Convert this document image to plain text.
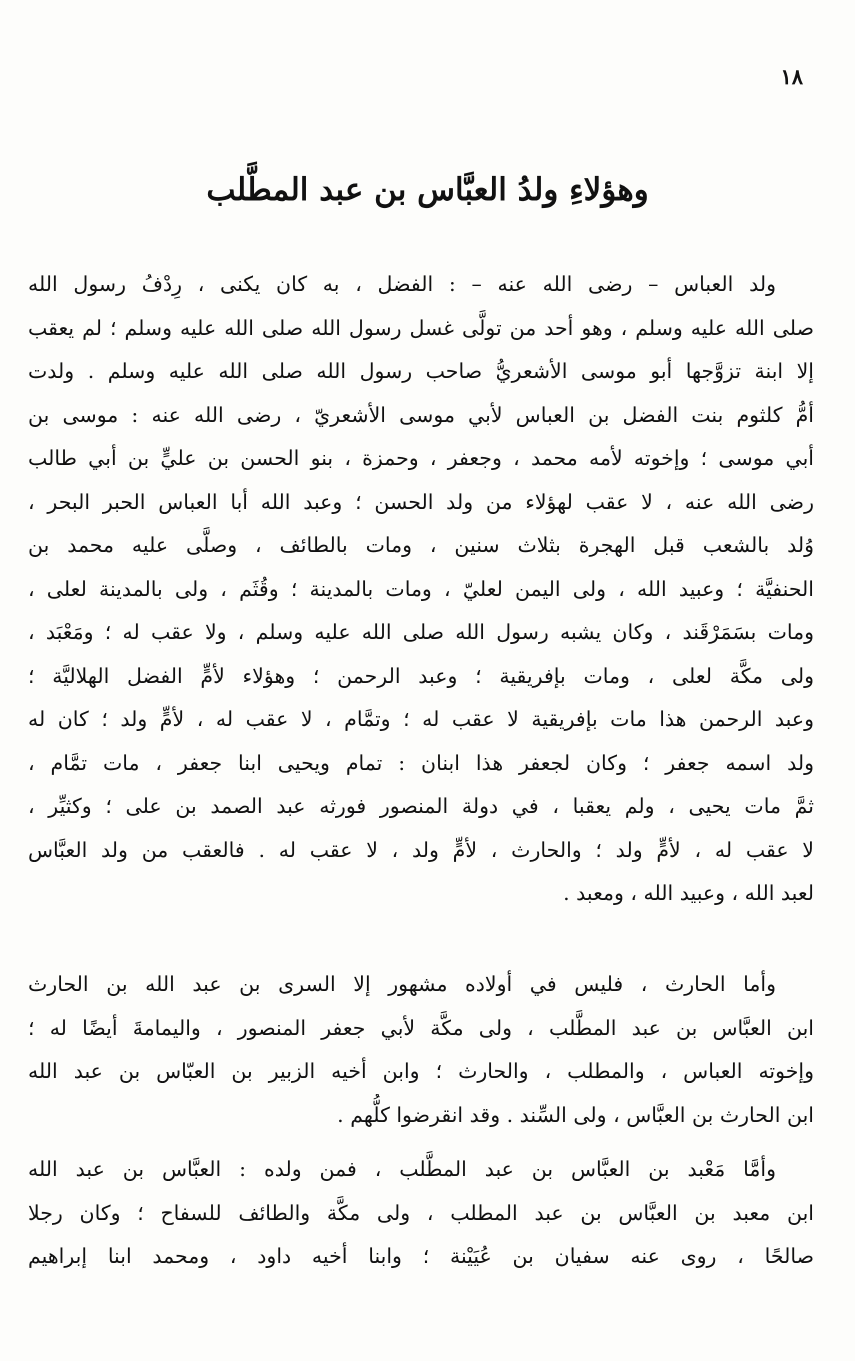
١٨
وهؤلاءِ ولدُ العبَّاس بن عبد المطَّلب
ولد العباس – رضى الله عنه – : الفضل ، به كان يكنى ، رِدْفُ رسول الله
صلى الله عليه وسلم ، وهو أحد من تولَّى غسل رسول الله صلى الله عليه وسلم ؛ لم يعقب
إلا ابنة تزوَّجها أبو موسى الأشعريُّ صاحب رسول الله صلى الله عليه وسلم . ولدت
أمُّ كلثوم بنت الفضل بن العباس لأبي موسى الأشعريّ ، رضى الله عنه : موسى بن
أبي موسى ؛ وإخوته لأمه محمد ، وجعفر ، وحمزة ، بنو الحسن بن عليٍّ بن أبي طالب
رضى الله عنه ، لا عقب لهؤلاء من ولد الحسن ؛ وعبد الله أبا العباس الحبر البحر ،
وُلد بالشعب قبل الهجرة بثلاث سنين ، ومات بالطائف ، وصلَّى عليه محمد بن
الحنفيَّة ؛ وعبيد الله ، ولى اليمن لعليّ ، ومات بالمدينة ؛ وقُثَم ، ولى بالمدينة لعلى ،
ومات بسَمَرْقَند ، وكان يشبه رسول الله صلى الله عليه وسلم ، ولا عقب له ؛ ومَعْبَد ،
ولى مكَّة لعلى ، ومات بإفريقية ؛ وعبد الرحمن ؛ وهؤلاء لأمٍّ الفضل الهلاليَّة ؛
وعبد الرحمن هذا مات بإفريقية لا عقب له ؛ وتمَّام ، لا عقب له ، لأمٍّ ولد ؛ كان له
ولد اسمه جعفر ؛ وكان لجعفر هذا ابنان : تمام ويحيى ابنا جعفر ، مات تمَّام ،
ثمَّ مات يحيى ، ولم يعقبا ، في دولة المنصور فورثه عبد الصمد بن على ؛ وكثيِّر ،
لا عقب له ، لأمٍّ ولد ؛ والحارث ، لأمٍّ ولد ، لا عقب له . فالعقب من ولد العبَّاس
لعبد الله ، وعبيد الله ، ومعبد .
وأما الحارث ، فليس في أولاده مشهور إلا السرى بن عبد الله بن الحارث
ابن العبَّاس بن عبد المطَّلب ، ولى مكَّة لأبي جعفر المنصور ، واليمامةَ أيضًا له ؛
وإخوته العباس ، والمطلب ، والحارث ؛ وابن أخيه الزبير بن العبّاس بن عبد الله
ابن الحارث بن العبَّاس ، ولى السِّند . وقد انقرضوا كلُّهم .
وأمَّا مَعْبد بن العبَّاس بن عبد المطَّلب ، فمن ولده : العبَّاس بن عبد الله
ابن معبد بن العبَّاس بن عبد المطلب ، ولى مكَّة والطائف للسفاح ؛ وكان رجلا
صالحًا ، روى عنه سفيان بن عُيَيْنة ؛ وابنا أخيه داود ، ومحمد ابنا إبراهيم
